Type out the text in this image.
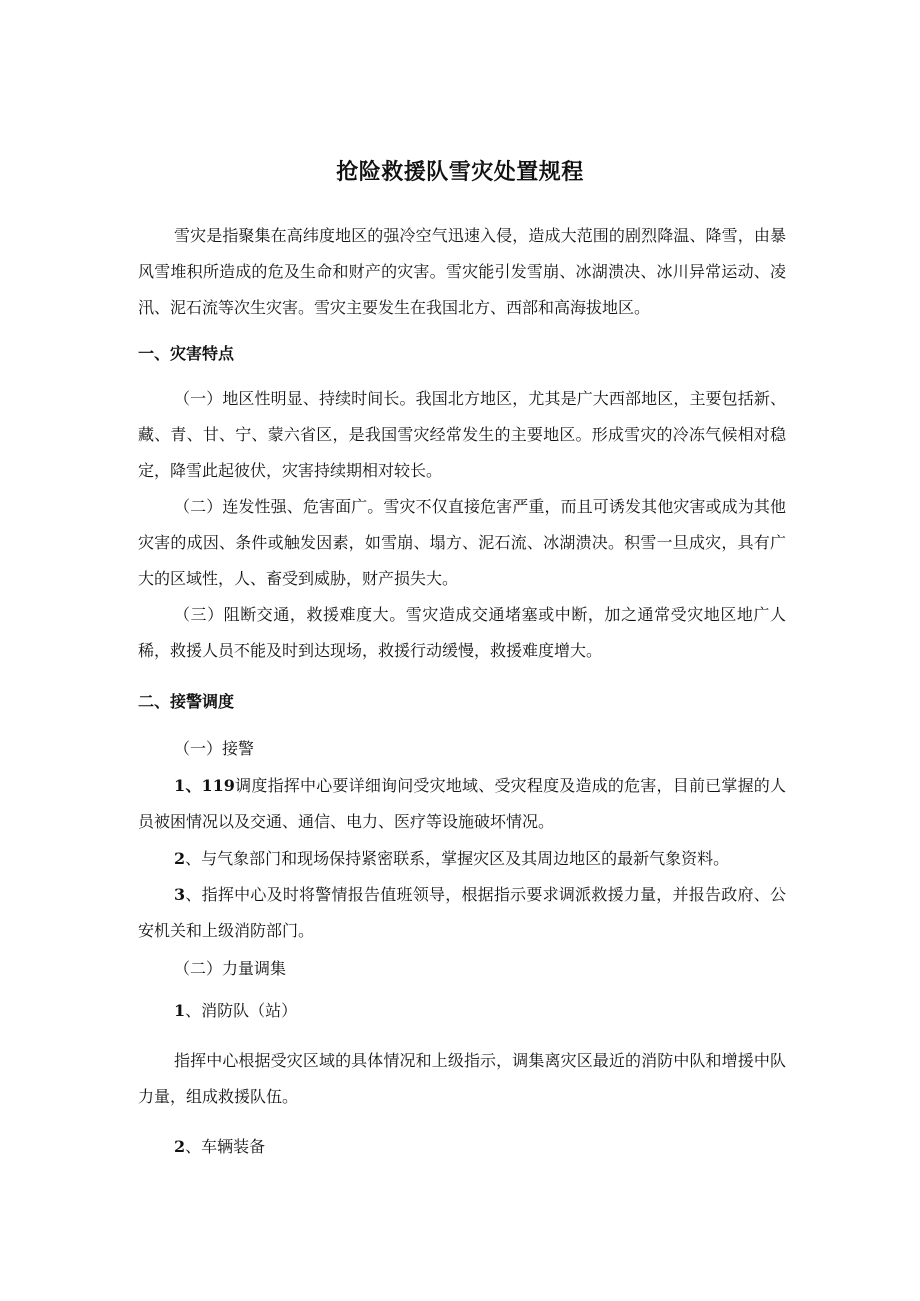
抢险救援队雪灾处置规程

雪灾是指聚集在高纬度地区的强冷空气迅速入侵，造成大范围的剧烈降温、降雪，由暴风雪堆积所造成的危及生命和财产的灾害。雪灾能引发雪崩、冰湖溃决、冰川异常运动、凌汛、泥石流等次生灾害。雪灾主要发生在我国北方、西部和高海拔地区。

一、灾害特点

（一）地区性明显、持续时间长。我国北方地区，尤其是广大西部地区，主要包括新、藏、青、甘、宁、蒙六省区，是我国雪灾经常发生的主要地区。形成雪灾的冷冻气候相对稳定，降雪此起彼伏，灾害持续期相对较长。

（二）连发性强、危害面广。雪灾不仅直接危害严重，而且可诱发其他灾害或成为其他灾害的成因、条件或触发因素，如雪崩、塌方、泥石流、冰湖溃决。积雪一旦成灾，具有广大的区域性，人、畜受到威胁，财产损失大。

（三）阻断交通，救援难度大。雪灾造成交通堵塞或中断，加之通常受灾地区地广人稀，救援人员不能及时到达现场，救援行动缓慢，救援难度增大。

二、接警调度

（一）接警

1、119调度指挥中心要详细询问受灾地域、受灾程度及造成的危害，目前已掌握的人员被困情况以及交通、通信、电力、医疗等设施破坏情况。

2、与气象部门和现场保持紧密联系，掌握灾区及其周边地区的最新气象资料。

3、指挥中心及时将警情报告值班领导，根据指示要求调派救援力量，并报告政府、公安机关和上级消防部门。

（二）力量调集

1、消防队（站）

指挥中心根据受灾区域的具体情况和上级指示，调集离灾区最近的消防中队和增援中队力量，组成救援队伍。

2、车辆装备
